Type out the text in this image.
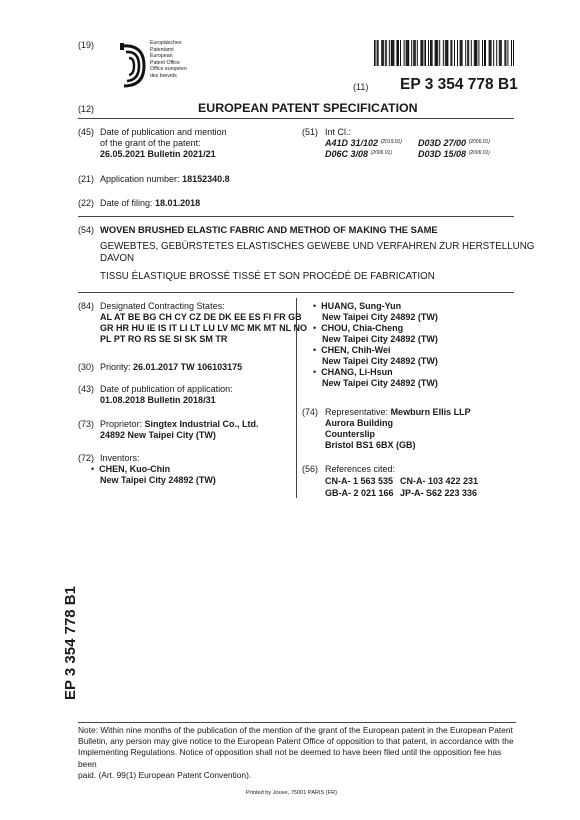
(19)	Europäisches
Patentamt
European
Patent Office
Office européen
des brevets
(11) EP 3 354 778 B1
(12)	EUROPEAN PATENT SPECIFICATION
(45) Date of publication and mention
of the grant of the patent:
26.05.2021 Bulletin 2021/21
(51) Int Cl.:
A41D 31/102 $^{(2019.01)}$
D06C 3/08 $^{(2006.01)}$
D03D 27/00 $^{(2006.01)}$
D03D 15/08 $^{(2006.01)}$
(21) Application number: 18152340.8
(22) Date of filing: 18.01.2018
(54) WOVEN BRUSHED ELASTIC FABRIC AND METHOD OF MAKING THE SAME
GEWEBTES, GEBÜRSTETES ELASTISCHES GEWEBE UND VERFAHREN ZUR HERSTELLUNG
DAVON
TISSU ÉLASTIQUE BROSSÉ TISSÉ ET SON PROCÉDÉ DE FABRICATION
(84) Designated Contracting States:
AL AT BE BG CH CY CZ DE DK EE ES FI FR GB
GR HR HU IE IS IT LI LT LU LV MC MK MT NL NO
PL PT RO RS SE SI SK SM TR
(30) Priority: 26.01.2017 TW 106103175
(43) Date of publication of application:
01.08.2018 Bulletin 2018/31
(73) Proprietor: Singtex Industrial Co., Ltd.
24892 New Taipei City (TW)
(72) Inventors:
•  CHEN, Kuo-Chin
New Taipei City 24892 (TW)
•  HUANG, Sung-Yun
New Taipei City 24892 (TW)
•  CHOU, Chia-Cheng
New Taipei City 24892 (TW)
•  CHEN, Chih-Wei
New Taipei City 24892 (TW)
•  CHANG, Li-Hsun
New Taipei City 24892 (TW)
(74) Representative: Mewburn Ellis LLP
Aurora Building
Counterslip
Bristol BS1 6BX (GB)
(56) References cited:
CN-A- 1 563 535 CN-A- 103 422 231
GB-A- 2 021 166 JP-A- S62 223 336
EP 3 354 778 B1
Note: Within nine months of the publication of the mention of the grant of the European patent in the European Patent
Bulletin, any person may give notice to the European Patent Office of opposition to that patent, in accordance with the
Implementing Regulations. Notice of opposition shall not be deemed to have been filed until the opposition fee has been
paid. (Art. 99(1) European Patent Convention).
Printed by Jouve, 75001 PARIS (FR)
